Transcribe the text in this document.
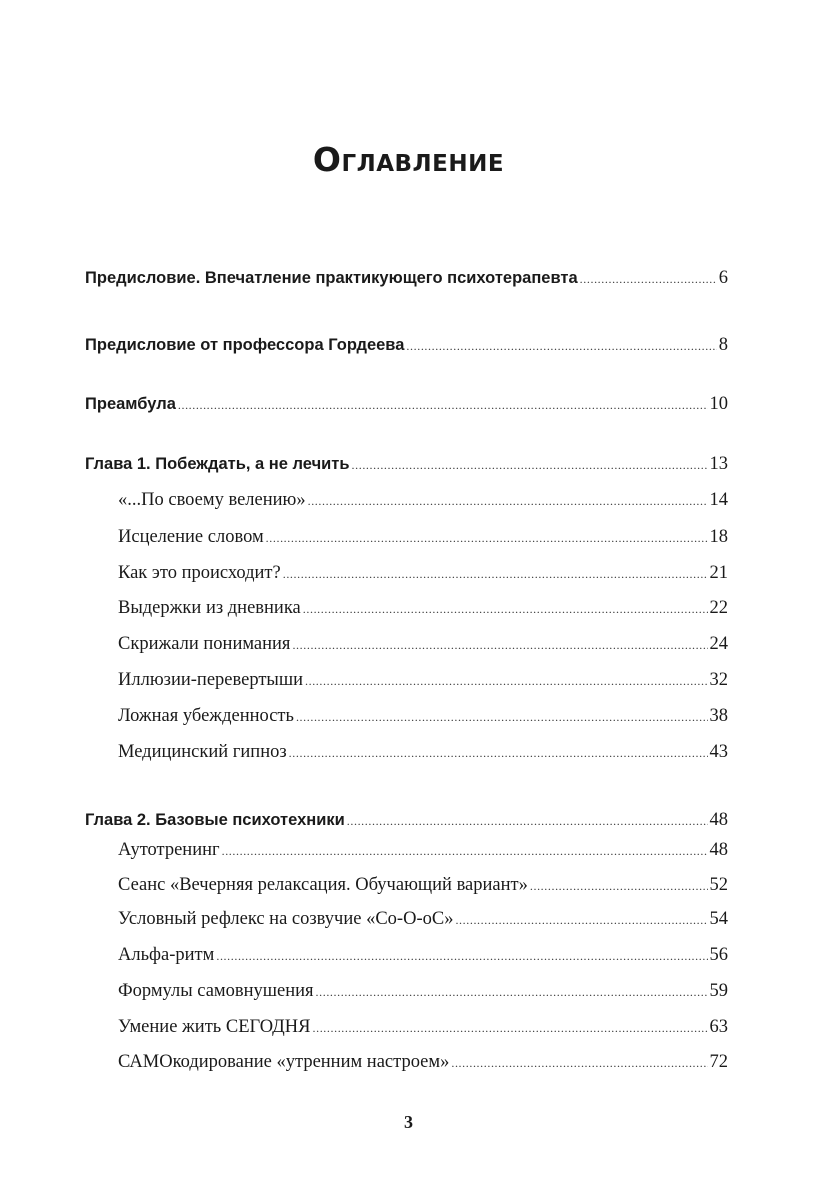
Оглавление
Предисловие. Впечатление практикующего психотерапевта .....	6
Предисловие от профессора Гордеева .....	8
Преамбула .....	10
Глава 1. Побеждать, а не лечить .....	13
«...По своему велению» .....	14
Исцеление словом .....	18
Как это происходит? .....	21
Выдержки из дневника .....	22
Скрижали понимания .....	24
Иллюзии-перевертыши .....	32
Ложная убежденность .....	38
Медицинский гипноз .....	43
Глава 2. Базовые психотехники .....	48
Аутотренинг .....	48
Сеанс «Вечерняя релаксация. Обучающий вариант» .....	52
Условный рефлекс на созвучие «Со-О-оС» .....	54
Альфа-ритм .....	56
Формулы самовнушения .....	59
Умение жить СЕГОДНЯ .....	63
САМОкодирование «утренним настроем» .....	72
3
